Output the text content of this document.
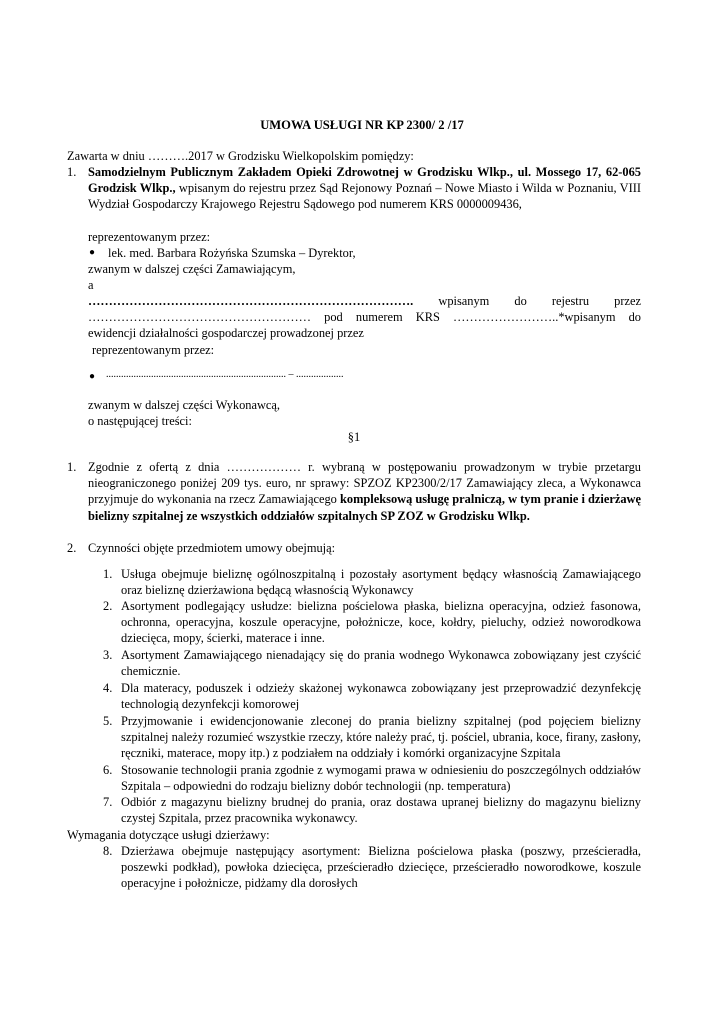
UMOWA USŁUGI NR KP 2300/ 2 /17
Zawarta w dniu ……….2017 w Grodzisku Wielkopolskim pomiędzy:
1. Samodzielnym Publicznym Zakładem Opieki Zdrowotnej w Grodzisku Wlkp., ul. Mossego 17, 62-065 Grodzisk Wlkp., wpisanym do rejestru przez Sąd Rejonowy Poznań – Nowe Miasto i Wilda w Poznaniu, VIII Wydział Gospodarczy Krajowego Rejestru Sądowego pod numerem KRS 0000009436,
reprezentowanym przez:
● lek. med. Barbara Rożyńska Szumska – Dyrektor,
zwanym w dalszej części Zamawiającym,
a
……………………………………………………………………. wpisanym do rejestru przez ……………………………………………… pod numerem KRS ……………………..*wpisanym do ewidencji działalności gospodarczej prowadzonej przez
reprezentowanym przez:
● ........................................................................ – ...................
zwanym w dalszej części Wykonawcą,
o następującej treści:
§1
1. Zgodnie z ofertą z dnia ……………… r. wybraną w postępowaniu prowadzonym w trybie przetargu nieograniczonego poniżej 209 tys. euro, nr sprawy: SPZOZ KP2300/2/17 Zamawiający zleca, a Wykonawca przyjmuje do wykonania na rzecz Zamawiającego kompleksową usługę pralniczą, w tym pranie i dzierżawę bielizny szpitalnej ze wszystkich oddziałów szpitalnych SP ZOZ w Grodzisku Wlkp.
2. Czynności objęte przedmiotem umowy obejmują:
1. Usługa obejmuje bieliznę ogólnoszpitalną i pozostały asortyment będący własnością Zamawiającego oraz bieliznę dzierżawiona będącą własnością Wykonawcy
2. Asortyment podlegający usłudze: bielizna pościelowa płaska, bielizna operacyjna, odzież fasonowa, ochronna, operacyjna, koszule operacyjne, położnicze, koce, kołdry, pieluchy, odzież noworodkowa dziecięca, mopy, ścierki, materace i inne.
3. Asortyment Zamawiającego nienadający się do prania wodnego Wykonawca zobowiązany jest czyścić chemicznie.
4. Dla materacy, poduszek i odzieży skażonej wykonawca zobowiązany jest przeprowadzić dezynfekcję technologią dezynfekcji komorowej
5. Przyjmowanie i ewidencjonowanie zleconej do prania bielizny szpitalnej (pod pojęciem bielizny szpitalnej należy rozumieć wszystkie rzeczy, które należy prać, tj. pościel, ubrania, koce, firany, zasłony, ręczniki, materace, mopy itp.) z podziałem na oddziały i komórki organizacyjne Szpitala
6. Stosowanie technologii prania zgodnie z wymogami prawa w odniesieniu do poszczególnych oddziałów Szpitala – odpowiedni do rodzaju bielizny dobór technologii (np. temperatura)
7. Odbiór z magazynu bielizny brudnej do prania, oraz dostawa upranej bielizny do magazynu bielizny czystej Szpitala, przez pracownika wykonawcy.
Wymagania dotyczące usługi dzierżawy:
8. Dzierżawa obejmuje następujący asortyment: Bielizna pościelowa płaska (poszwy, prześcieradła, poszewki podkład), powłoka dziecięca, prześcieradło dziecięce, prześcieradło noworodkowe, koszule operacyjne i położnicze, pidżamy dla dorosłych
